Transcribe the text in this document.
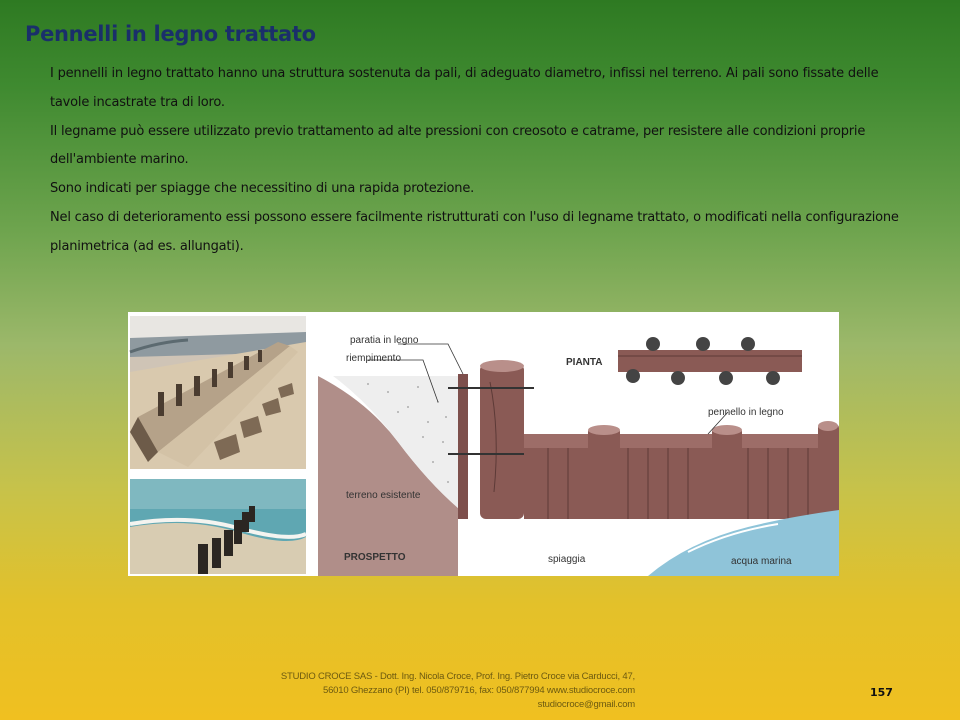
Pennelli in legno trattato

I pennelli in legno trattato hanno una struttura sostenuta da pali, di adeguato diametro, infissi nel terreno. Ai pali sono fissate delle tavole incastrate tra di loro.

Il legname può essere utilizzato previo trattamento ad alte pressioni con creosoto e catrame, per resistere alle condizioni proprie dell'ambiente marino.

Sono indicati per spiagge che necessitino di una rapida protezione.

Nel caso di deterioramento essi possono essere facilmente ristrutturati con l'uso di legname trattato, o modificati nella configurazione planimetrica (ad es. allungati).

paratia in legno
riempimento	PIANTA
pennello in legno
terreno esistente
PROSPETTO	spiaggia	acqua marina
STUDIO CROCE SAS - Dott. Ing. Nicola Croce, Prof. Ing. Pietro Croce via Carducci, 47,
56010 Ghezzano (PI) tel. 050/879716, fax: 050/877994 www.studiocroce.com
studiocroce@gmail.com
157
